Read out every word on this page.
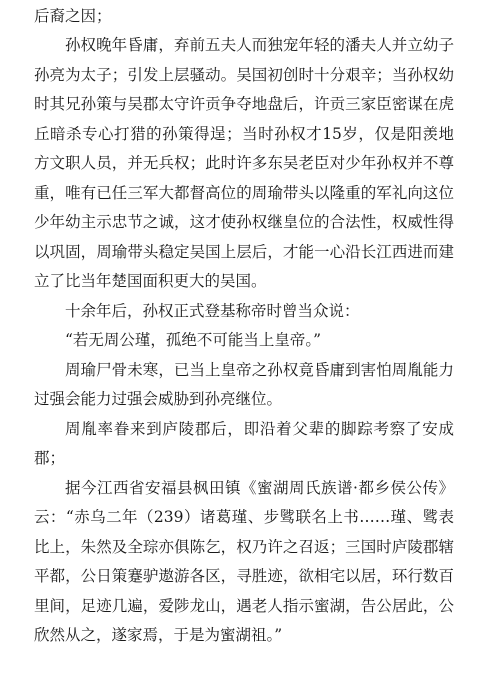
后裔之因；

孙权晚年昏庸，弃前五夫人而独宠年轻的潘夫人并立幼子孙亮为太子；引发上层骚动。吴国初创时十分艰辛；当孙权幼时其兄孙策与吴郡太守许贡争夺地盘后，许贡三家臣密谋在虎丘暗杀专心打猎的孙策得逞；当时孙权才15岁，仅是阳羡地方文职人员，并无兵权；此时许多东吴老臣对少年孙权并不尊重，唯有已任三军大都督高位的周瑜带头以隆重的军礼向这位少年幼主示忠节之诚，这才使孙权继皇位的合法性，权威性得以巩固，周瑜带头稳定吴国上层后，才能一心沿长江西进而建立了比当年楚国面积更大的吴国。

十余年后，孙权正式登基称帝时曾当众说：

“若无周公瑾，孤绝不可能当上皇帝。”

周瑜尸骨未寒，已当上皇帝之孙权竟昏庸到害怕周胤能力过强会能力过强会威胁到孙亮继位。

周胤率眷来到庐陵郡后，即沿着父辈的脚踪考察了安成郡；

据今江西省安福县枫田镇《蜜湖周氏族谱·都乡侯公传》云：“赤乌二年（239）诸葛瑾、步骘联名上书……瑾、骘表比上，朱然及全琮亦俱陈乞，权乃许之召返；三国时庐陵郡辖平都，公日策蹇驴遨游各区，寻胜迹，欲相宅以居，环行数百里间，足迹几遍，爱陟龙山，遇老人指示蜜湖，告公居此，公欣然从之，遂家焉，于是为蜜湖祖。”
